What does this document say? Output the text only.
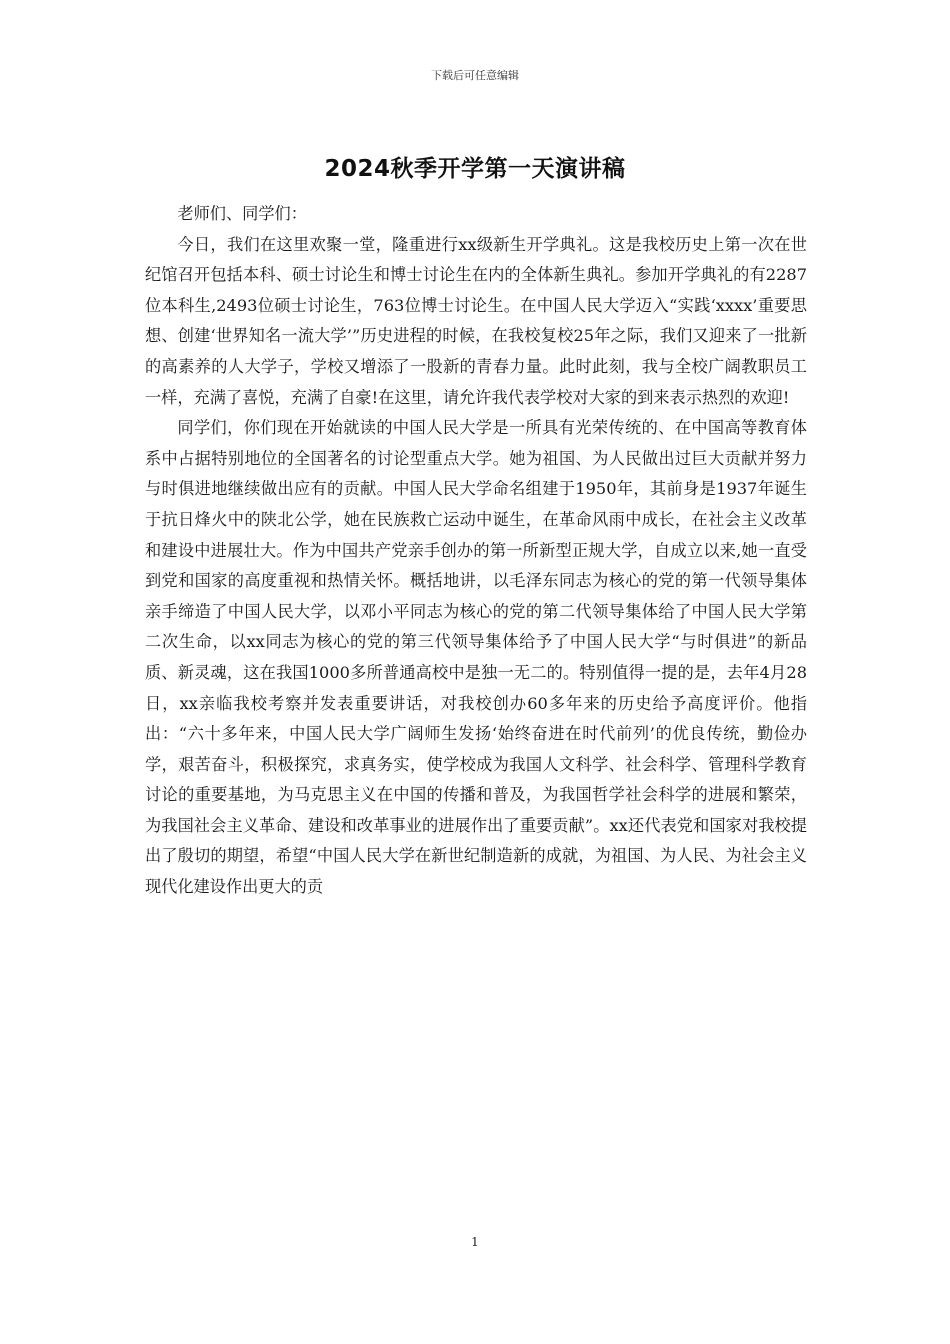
下载后可任意编辑
2024秋季开学第一天演讲稿

老师们、同学们：

今日，我们在这里欢聚一堂，隆重进行xx级新生开学典礼。这是我校历史上第一次在世纪馆召开包括本科、硕士讨论生和博士讨论生在内的全体新生典礼。参加开学典礼的有2287位本科生,2493位硕士讨论生，763位博士讨论生。在中国人民大学迈入“实践‘xxxx’重要思想、创建‘世界知名一流大学’”历史进程的时候，在我校复校25年之际，我们又迎来了一批新的高素养的人大学子，学校又增添了一股新的青春力量。此时此刻，我与全校广阔教职员工一样，充满了喜悦，充满了自豪!在这里，请允许我代表学校对大家的到来表示热烈的欢迎!

同学们，你们现在开始就读的中国人民大学是一所具有光荣传统的、在中国高等教育体系中占据特别地位的全国著名的讨论型重点大学。她为祖国、为人民做出过巨大贡献并努力与时俱进地继续做出应有的贡献。中国人民大学命名组建于1950年，其前身是1937年诞生于抗日烽火中的陕北公学，她在民族救亡运动中诞生，在革命风雨中成长，在社会主义改革和建设中进展壮大。作为中国共产党亲手创办的第一所新型正规大学，自成立以来,她一直受到党和国家的高度重视和热情关怀。概括地讲，以毛泽东同志为核心的党的第一代领导集体亲手缔造了中国人民大学，以邓小平同志为核心的党的第二代领导集体给了中国人民大学第二次生命，以xx同志为核心的党的第三代领导集体给予了中国人民大学“与时俱进”的新品质、新灵魂，这在我国1000多所普通高校中是独一无二的。特别值得一提的是，去年4月28日，xx亲临我校考察并发表重要讲话，对我校创办60多年来的历史给予高度评价。他指出：“六十多年来，中国人民大学广阔师生发扬‘始终奋进在时代前列’的优良传统，勤俭办学，艰苦奋斗，积极探究，求真务实，使学校成为我国人文科学、社会科学、管理科学教育讨论的重要基地，为马克思主义在中国的传播和普及，为我国哲学社会科学的进展和繁荣，为我国社会主义革命、建设和改革事业的进展作出了重要贡献”。xx还代表党和国家对我校提出了殷切的期望，希望“中国人民大学在新世纪制造新的成就，为祖国、为人民、为社会主义现代化建设作出更大的贡

1
